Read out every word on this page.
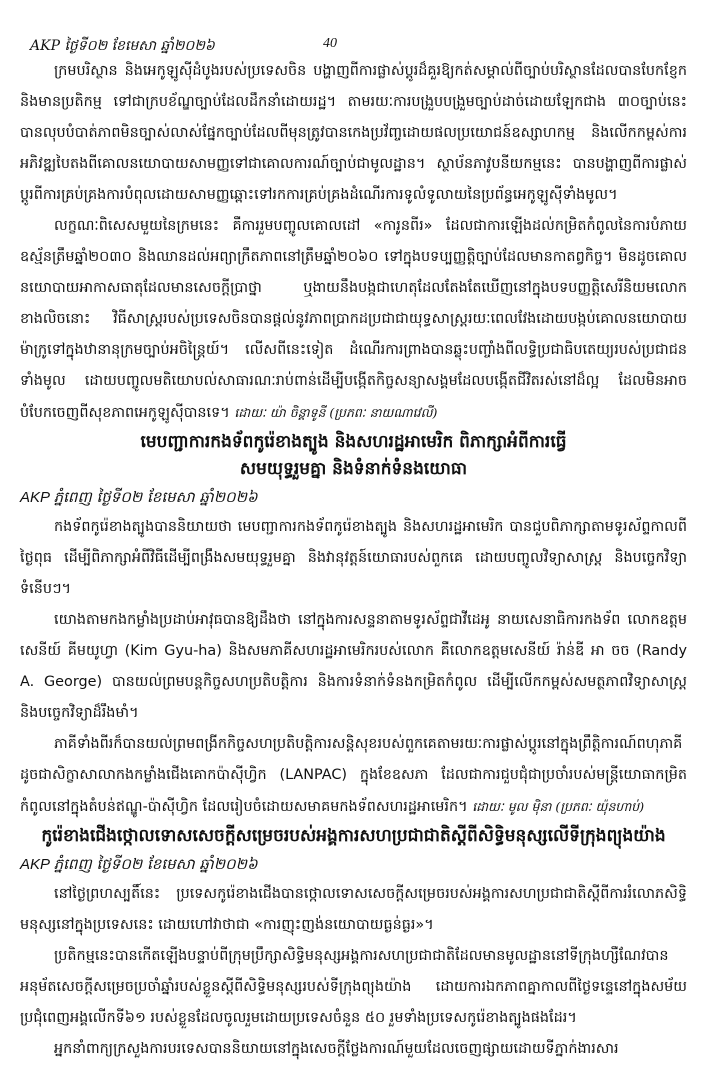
AKP ថ្ងៃទី០២ ខែមេសា ឆ្នាំ២០២៦	40

ក្រមបរិស្ថាន និងអេកូឡូស៊ីដំបូងរបស់ប្រទេសចិន បង្ហាញពីការផ្លាស់ប្តូរដ៏គួរឱ្យកត់សម្គាល់ពីច្បាប់បរិស្ថានដែលបានបែកខ្ញែក និងមានប្រតិកម្ម ទៅជាក្របខ័ណ្ឌច្បាប់ដែលដឹកនាំដោយរដ្ឋ។ តាមរយៈការបង្រួបបង្រួមច្បាប់ដាច់ដោយឡែកជាង ៣០ច្បាប់នេះ បានលុបបំបាត់ភាពមិនច្បាស់លាស់ផ្នែកច្បាប់ដែលពីមុនត្រូវបានកេងប្រវ័ញ្ចដោយផលប្រយោជន៍ឧស្សាហកម្ម និងលើកកម្ពស់ការអភិវឌ្ឍបៃតងពីគោលនយោបាយសាមញ្ញទៅជាគោលការណ៍ច្បាប់ជាមូលដ្ឋាន។ ស្ថាប័នភាវូបនីយកម្មនេះ បានបង្ហាញពីការផ្លាស់ប្តូរពីការគ្រប់គ្រងការបំពុលដោយសាមញ្ញឆ្ពោះទៅរកការគ្រប់គ្រងដំណើរការទូលំទូលាយនៃប្រព័ន្ធអេកូឡូស៊ីទាំងមូល។

លក្ខណៈពិសេសមួយនៃក្រមនេះ គឺការរួមបញ្ចូលគោលដៅ «ការូនពីរ» ដែលជាការឡើងដល់កម្រិតកំពូលនៃការបំភាយឧស្ម័នត្រឹមឆ្នាំ២០៣០ និងឈានដល់អព្យាក្រឹតភាពនៅត្រឹមឆ្នាំ២០៦០ ទៅក្នុងបទប្បញ្ញត្តិច្បាប់ដែលមានកាតព្វកិច្ច។ មិនដូចគោលនយោបាយអាកាសធាតុដែលមានសេចក្តីប្រាថ្នា ឬងាយនឹងបង្កជាហេតុដែលតែងតែឃើញនៅក្នុងបទបញ្ញត្តិសេរីនិយមលោកខាងលិចនោះ វិធីសាស្ត្ររបស់ប្រទេសចិនបានផ្តល់នូវភាពប្រាកដប្រជាជាយុទ្ធសាស្ត្ររយៈពេលវែងដោយបង្កប់គោលនយោបាយម៉ាក្រូទៅក្នុងឋានានុក្រមច្បាប់អចិន្ត្រៃយ៍។ លើសពីនេះទៀត ដំណើរការព្រាងបានឆ្លុះបញ្ចាំងពីលទ្ធិប្រជាធិបតេយ្យរបស់ប្រជាជនទាំងមូល ដោយបញ្ចូលមតិយោបល់សាធារណៈរាប់ពាន់ដើម្បីបង្កើតកិច្ចសន្យាសង្គមដែលបង្កើតជីវិតរស់នៅដ៏ល្អ ដែលមិនអាចបំបែកចេញពីសុខភាពអេកូឡូស៊ីបានទេ។ ដោយៈ យ៉ា ចិន្តាទូនី (ប្រភពៈ នាយណាវេលី)

មេបញ្ជាការកងទ័ពកូរ៉េខាងត្បូង និងសហរដ្ឋអាមេរិក ពិភាក្សាអំពីការធ្វើ
សមយុទ្ធរួមគ្នា និងទំនាក់ទំនងយោធា
AKP ភ្នំពេញ ថ្ងៃទី០២ ខែមេសា ឆ្នាំ២០២៦

កងទ័ពកូរ៉េខាងត្បូងបាននិយាយថា មេបញ្ជាការកងទ័ពកូរ៉េខាងត្បូង និងសហរដ្ឋអាមេរិក បានជួបពិភាក្សាតាមទូរស័ព្ទកាលពីថ្ងៃពុធ ដើម្បីពិភាក្សាអំពីវិធីដើម្បីពង្រឹងសមយុទ្ធរួមគ្នា និងវានុវត្តន៍យោធារបស់ពួកគេ ដោយបញ្ចូលវិទ្យាសាស្ត្រ និងបច្ចេកវិទ្យាទំនើបៗ។

យោងតាមកងកម្លាំងប្រដាប់អាវុធបានឱ្យដឹងថា នៅក្នុងការសន្ទនាតាមទូរស័ព្ទជាវីដេអូ នាយសេនាធិការកងទ័ព លោកឧត្តមសេនីយ៍ គីមយូហ្វា (Kim Gyu-ha) និងសមភាគីសហរដ្ឋអាមេរិករបស់លោក គឺលោកឧត្តមសេនីយ៍ រ៉ាន់ឌី អា ចច (Randy A. George) បានយល់ព្រមបន្តកិច្ចសហប្រតិបត្តិការ និងការទំនាក់ទំនងកម្រិតកំពូល ដើម្បីលើកកម្ពស់សមត្ថភាពវិទ្យាសាស្ត្រ និងបច្ចេកវិទ្យាដ៏រឹងមាំ។

ភាគីទាំងពីរក៏បានយល់ព្រមពង្រីកកិច្ចសហប្រតិបត្តិការសន្តិសុខរបស់ពួកគេតាមរយៈការផ្លាស់ប្តូរនៅក្នុងព្រឹត្តិការណ៍ពហុភាគី ដូចជាសិក្ខាសាលាកងកម្លាំងជើងគោកប៉ាស៊ីហ្វិក (LANPAC) ក្នុងខែឧសភា ដែលជាការជួបជុំជាប្រចាំរបស់មន្ត្រីយោធាកម្រិតកំពូលនៅក្នុងតំបន់ឥណ្ឌូ-ប៉ាស៊ីហ្វិក ដែលរៀបចំដោយសមាគមកងទ័ពសហរដ្ឋអាមេរិក។ ដោយៈ មូល ម៉ិនា (ប្រភពៈ យ៉ុនហាប់)

កូរ៉េខាងជើងថ្កោលទោសសេចក្តីសម្រេចរបស់អង្គការសហប្រជាជាតិស្តីពីសិទ្ធិមនុស្សលើទីក្រុងព្យុងយ៉ាង
AKP ភ្នំពេញ ថ្ងៃទី០២ ខែមេសា ឆ្នាំ២០២៦

នៅថ្ងៃព្រហស្បតិ៍នេះ ប្រទេសកូរ៉េខាងជើងបានថ្កោលទោសសេចក្តីសម្រេចរបស់អង្គការសហប្រជាជាតិស្តីពីការរំលោភសិទ្ធិមនុស្សនៅក្នុងប្រទេសនេះ ដោយហៅវាថាជា «ការញុះញង់នយោបាយធ្ងន់ធ្ងរ»។

ប្រតិកម្មនេះបានកើតឡើងបន្ទាប់ពីក្រុមប្រឹក្សាសិទ្ធិមនុស្សអង្គការសហប្រជាជាតិដែលមានមូលដ្ឋាននៅទីក្រុងហ្សឺណែវបានអនុម័តសេចក្តីសម្រេចប្រចាំឆ្នាំរបស់ខ្លួនស្តីពីសិទ្ធិមនុស្សរបស់ទីក្រុងព្យុងយ៉ាង ដោយការឯកភាពគ្នាកាលពីថ្ងៃទន្ទេនៅក្នុងសម័យប្រជុំពេញអង្គលើកទី៦១ របស់ខ្លួនដែលចូលរួមដោយប្រទេសចំនួន ៥០ រួមទាំងប្រទេសកូរ៉េខាងត្បូងផងដែរ។

អ្នកនាំពាក្យក្រសួងការបរទេសបាននិយាយនៅក្នុងសេចក្តីថ្លែងការណ៍មួយដែលចេញផ្សាយដោយទីភ្នាក់ងារសារ
